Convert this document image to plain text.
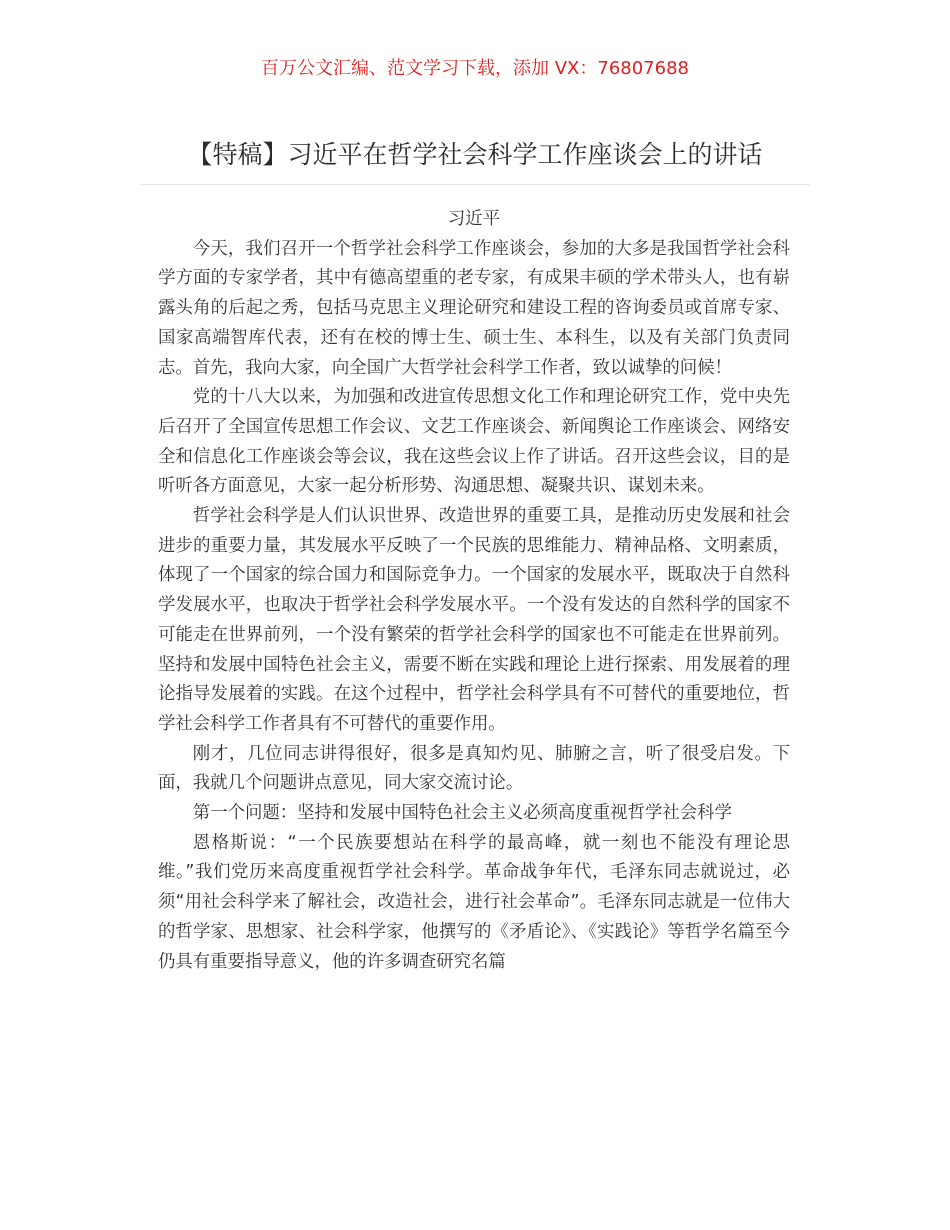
百万公文汇编、范文学习下载，添加 VX：76807688
【特稿】习近平在哲学社会科学工作座谈会上的讲话

习近平

今天，我们召开一个哲学社会科学工作座谈会，参加的大多是我国哲学社会科学方面的专家学者，其中有德高望重的老专家，有成果丰硕的学术带头人，也有崭露头角的后起之秀，包括马克思主义理论研究和建设工程的咨询委员或首席专家、国家高端智库代表，还有在校的博士生、硕士生、本科生，以及有关部门负责同志。首先，我向大家，向全国广大哲学社会科学工作者，致以诚挚的问候！

党的十八大以来，为加强和改进宣传思想文化工作和理论研究工作，党中央先后召开了全国宣传思想工作会议、文艺工作座谈会、新闻舆论工作座谈会、网络安全和信息化工作座谈会等会议，我在这些会议上作了讲话。召开这些会议，目的是听听各方面意见，大家一起分析形势、沟通思想、凝聚共识、谋划未来。

哲学社会科学是人们认识世界、改造世界的重要工具，是推动历史发展和社会进步的重要力量，其发展水平反映了一个民族的思维能力、精神品格、文明素质，体现了一个国家的综合国力和国际竞争力。一个国家的发展水平，既取决于自然科学发展水平，也取决于哲学社会科学发展水平。一个没有发达的自然科学的国家不可能走在世界前列，一个没有繁荣的哲学社会科学的国家也不可能走在世界前列。坚持和发展中国特色社会主义，需要不断在实践和理论上进行探索、用发展着的理论指导发展着的实践。在这个过程中，哲学社会科学具有不可替代的重要地位，哲学社会科学工作者具有不可替代的重要作用。

刚才，几位同志讲得很好，很多是真知灼见、肺腑之言，听了很受启发。下面，我就几个问题讲点意见，同大家交流讨论。

第一个问题：坚持和发展中国特色社会主义必须高度重视哲学社会科学

恩格斯说：“一个民族要想站在科学的最高峰，就一刻也不能没有理论思维。”我们党历来高度重视哲学社会科学。革命战争年代，毛泽东同志就说过，必须“用社会科学来了解社会，改造社会，进行社会革命”。毛泽东同志就是一位伟大的哲学家、思想家、社会科学家，他撰写的《矛盾论》、《实践论》等哲学名篇至今仍具有重要指导意义，他的许多调查研究名篇
